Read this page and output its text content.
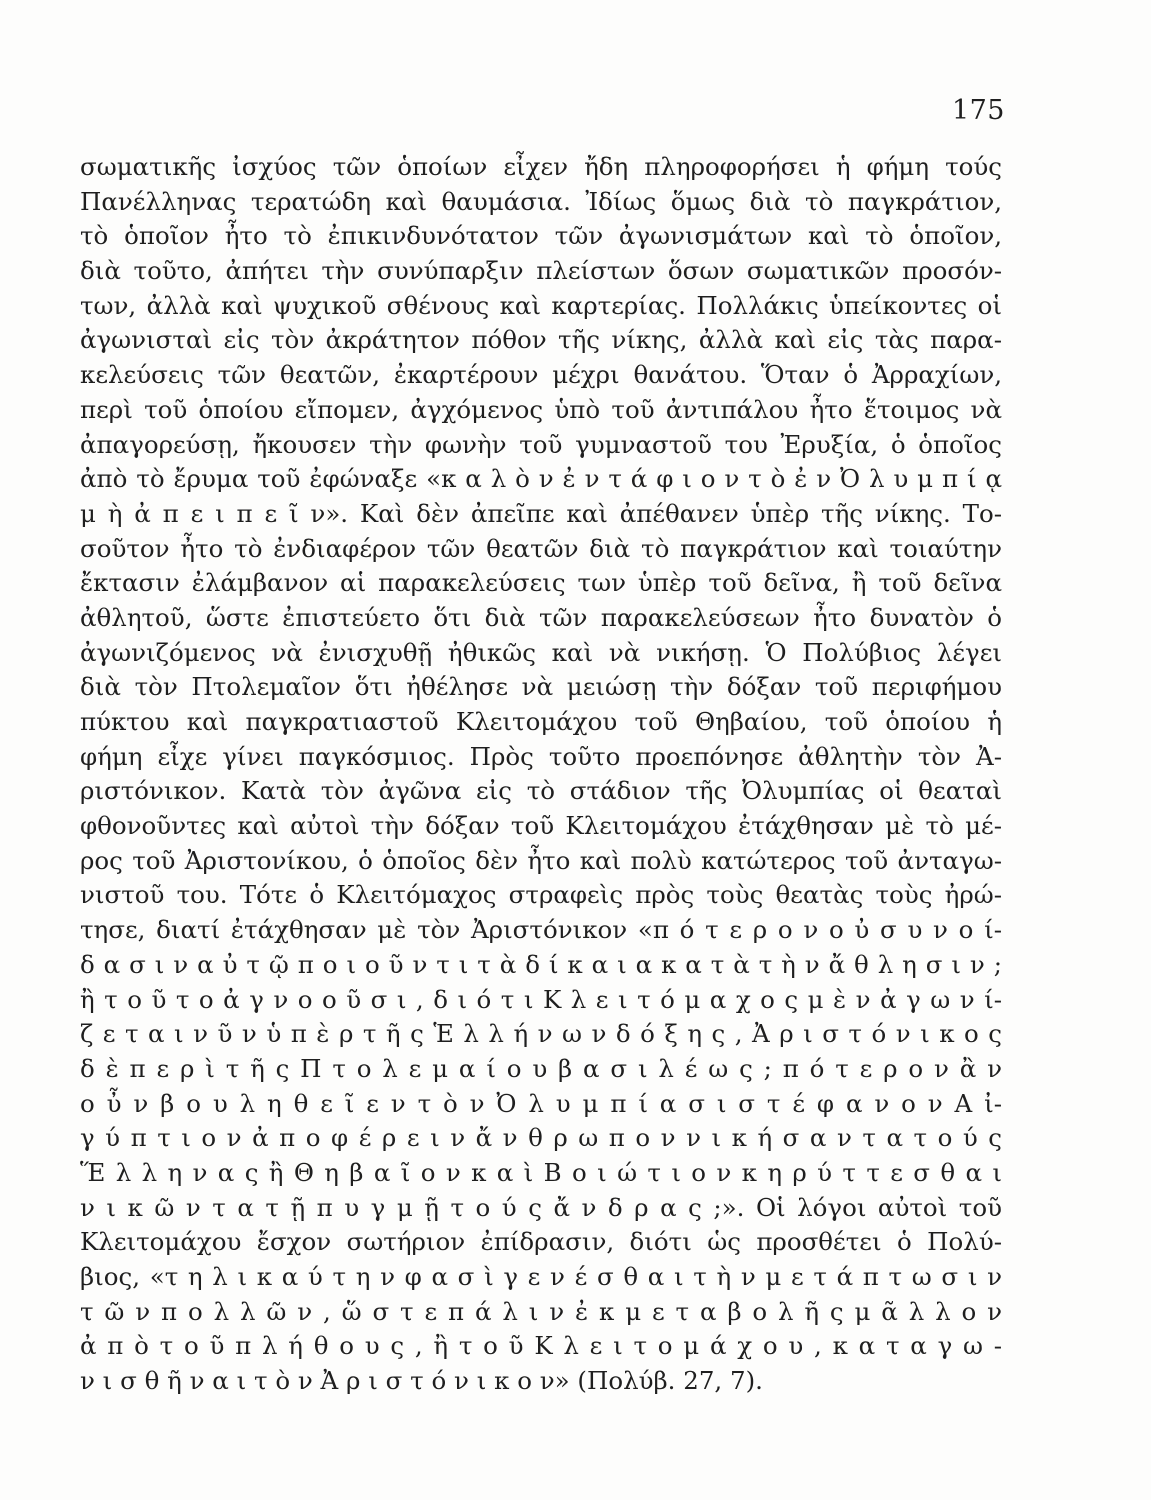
175
σωματικῆς ἰσχύος τῶν ὁποίων εἶχεν ἤδη πληροφορήσει ἡ φήμη τούς
Πανέλληνας τερατώδη καὶ θαυμάσια. Ἰδίως ὅμως διὰ τὸ παγκράτιον,
τὸ ὁποῖον ἦτο τὸ ἐπικινδυνότατον τῶν ἀγωνισμάτων καὶ τὸ ὁποῖον,
διὰ τοῦτο, ἀπήτει τὴν συνύπαρξιν πλείστων ὅσων σωματικῶν προσόν-
των, ἀλλὰ καὶ ψυχικοῦ σθένους καὶ καρτερίας. Πολλάκις ὑπείκοντες οἱ
ἀγωνισταὶ εἰς τὸν ἀκράτητον πόθον τῆς νίκης, ἀλλὰ καὶ εἰς τὰς παρα-
κελεύσεις τῶν θεατῶν, ἐκαρτέρουν μέχρι θανάτου. Ὅταν ὁ Ἀρραχίων,
περὶ τοῦ ὁποίου εἴπομεν, ἀγχόμενος ὑπὸ τοῦ ἀντιπάλου ἦτο ἕτοιμος νὰ
ἀπαγορεύσῃ, ἤκουσεν τὴν φωνὴν τοῦ γυμναστοῦ του Ἐρυξία, ὁ ὁποῖος
ἀπὸ τὸ ἔρυμα τοῦ ἐφώναξε «κ α λ ὸ ν ἐ ν τ ά φ ι ο ν τ ὸ ἐ ν Ὀ λ υ μ π ί ᾳ
μ ὴ ἀ π ε ι π ε ῖ ν». Καὶ δὲν ἀπεῖπε καὶ ἀπέθανεν ὑπὲρ τῆς νίκης. Το-
σοῦτον ἦτο τὸ ἐνδιαφέρον τῶν θεατῶν διὰ τὸ παγκράτιον καὶ τοιαύτην
ἔκτασιν ἐλάμβανον αἱ παρακελεύσεις των ὑπὲρ τοῦ δεῖνα, ἢ τοῦ δεῖνα
ἀθλητοῦ, ὥστε ἐπιστεύετο ὅτι διὰ τῶν παρακελεύσεων ἦτο δυνατὸν ὁ
ἀγωνιζόμενος νὰ ἐνισχυθῇ ἠθικῶς καὶ νὰ νικήσῃ. Ὁ Πολύβιος λέγει
διὰ τὸν Πτολεμαῖον ὅτι ἠθέλησε νὰ μειώσῃ τὴν δόξαν τοῦ περιφήμου
πύκτου καὶ παγκρατιαστοῦ Κλειτομάχου τοῦ Θηβαίου, τοῦ ὁποίου ἡ
φήμη εἶχε γίνει παγκόσμιος. Πρὸς τοῦτο προεπόνησε ἀθλητὴν τὸν Ἀ-
ριστόνικον. Κατὰ τὸν ἀγῶνα εἰς τὸ στάδιον τῆς Ὀλυμπίας οἱ θεαταὶ
φθονοῦντες καὶ αὐτοὶ τὴν δόξαν τοῦ Κλειτομάχου ἐτάχθησαν μὲ τὸ μέ-
ρος τοῦ Ἀριστονίκου, ὁ ὁποῖος δὲν ἦτο καὶ πολὺ κατώτερος τοῦ ἀνταγω-
νιστοῦ του. Τότε ὁ Κλειτόμαχος στραφεὶς πρὸς τοὺς θεατὰς τοὺς ἠρώ-
τησε, διατί ἐτάχθησαν μὲ τὸν Ἀριστόνικον «π ό τ ε ρ ο ν ο ὐ σ υ ν ο ί-
δ α σ ι ν α ὐ τ ῷ π ο ι ο ῦ ν τ ι τ ὰ δ ί κ α ι α κ α τ ὰ τ ὴ ν ἄ θ λ η σ ι ν ;
ἢ τ ο ῦ τ ο ἀ γ ν ο ο ῦ σ ι , δ ι ό τ ι Κ λ ε ι τ ό μ α χ ο ς μ ὲ ν ἀ γ ω ν ί-
ζ ε τ α ι ν ῦ ν ὑ π ὲ ρ τ ῆ ς Ἑ λ λ ή ν ω ν δ ό ξ η ς , Ἀ ρ ι σ τ ό ν ι κ ο ς
δ ὲ π ε ρ ὶ τ ῆ ς Π τ ο λ ε μ α ί ο υ β α σ ι λ έ ω ς ; π ό τ ε ρ ο ν ἂ ν
ο ὖ ν β ο υ λ η θ ε ῖ ε ν τ ὸ ν Ὀ λ υ μ π ί α σ ι σ τ έ φ α ν ο ν Α ἰ-
γ ύ π τ ι ο ν ἀ π ο φ έ ρ ε ι ν ἄ ν θ ρ ω π ο ν ν ι κ ή σ α ν τ α τ ο ύ ς
Ἕ λ λ η ν α ς ἢ Θ η β α ῖ ο ν κ α ὶ Β ο ι ώ τ ι ο ν κ η ρ ύ τ τ ε σ θ α ι
ν ι κ ῶ ν τ α τ ῇ π υ γ μ ῇ τ ο ύ ς ἄ ν δ ρ α ς ;». Οἱ λόγοι αὐτοὶ τοῦ
Κλειτομάχου ἔσχον σωτήριον ἐπίδρασιν, διότι ὡς προσθέτει ὁ Πολύ-
βιος, «τ η λ ι κ α ύ τ η ν φ α σ ὶ γ ε ν έ σ θ α ι τ ὴ ν μ ε τ ά π τ ω σ ι ν
τ ῶ ν π ο λ λ ῶ ν , ὥ σ τ ε π ά λ ι ν ἐ κ μ ε τ α β ο λ ῆ ς μ ᾶ λ λ ο ν
ἀ π ὸ τ ο ῦ π λ ή θ ο υ ς , ἢ τ ο ῦ Κ λ ε ι τ ο μ ά χ ο υ , κ α τ α γ ω -
ν ι σ θ ῆ ν α ι τ ὸ ν Ἀ ρ ι σ τ ό ν ι κ ο ν» (Πολύβ. 27, 7).
